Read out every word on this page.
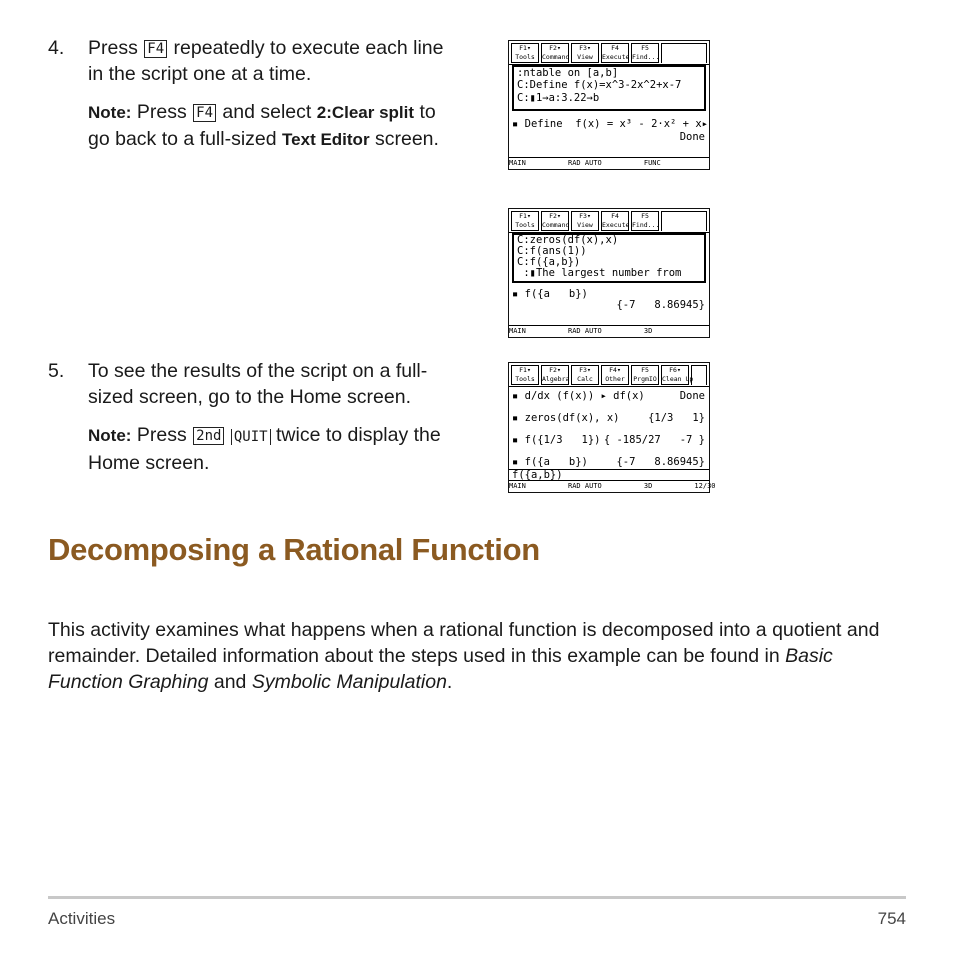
4.	Press F4 repeatedly to execute each line
in the script one at a time.
Note: Press F4 and select 2:Clear split to
go back to a full-sized Text Editor screen.
F1▾
Tools
F2▾
Command
F3▾
View
F4
Execute
F5
Find...
:ntable on [a,b]
C:Define f(x)=x^3-2x^2+x-7
C:▮1→a:3.22→b
▪ Define  f(x) = x³ - 2·x² + x▸
Done
MAIN          RAD AUTO          FUNC
F1▾
Tools
F2▾
Command
F3▾
View
F4
Execute
F5
Find...
C:zeros(df(x),x)
C:f(ans(1))
C:f({a,b})
:▮The largest number from
▪ f({a   b})
{-7   8.86945}
MAIN          RAD AUTO          3D
5.	To see the results of the script on a full-
sized screen, go to the Home screen.
Note: Press 2nd QUIT twice to display the
Home screen.
F1▾
Tools
F2▾
Algebra
F3▾
Calc
F4▾
Other
F5
PrgmIO
F6▾
Clean Up
▪ d/dx (f(x)) ▸ df(x)	Done
▪ zeros(df(x), x)	{1/3   1}
▪ f({1/3   1}) { -185/27   -7 }
▪ f({a   b})	{-7   8.86945}
f({a,b})
MAIN          RAD AUTO          3D          12/30
Decomposing a Rational Function
This activity examines what happens when a rational function is decomposed into a quotient and remainder. Detailed information about the steps used in this example can be found in Basic Function Graphing and Symbolic Manipulation.
Activities	754
